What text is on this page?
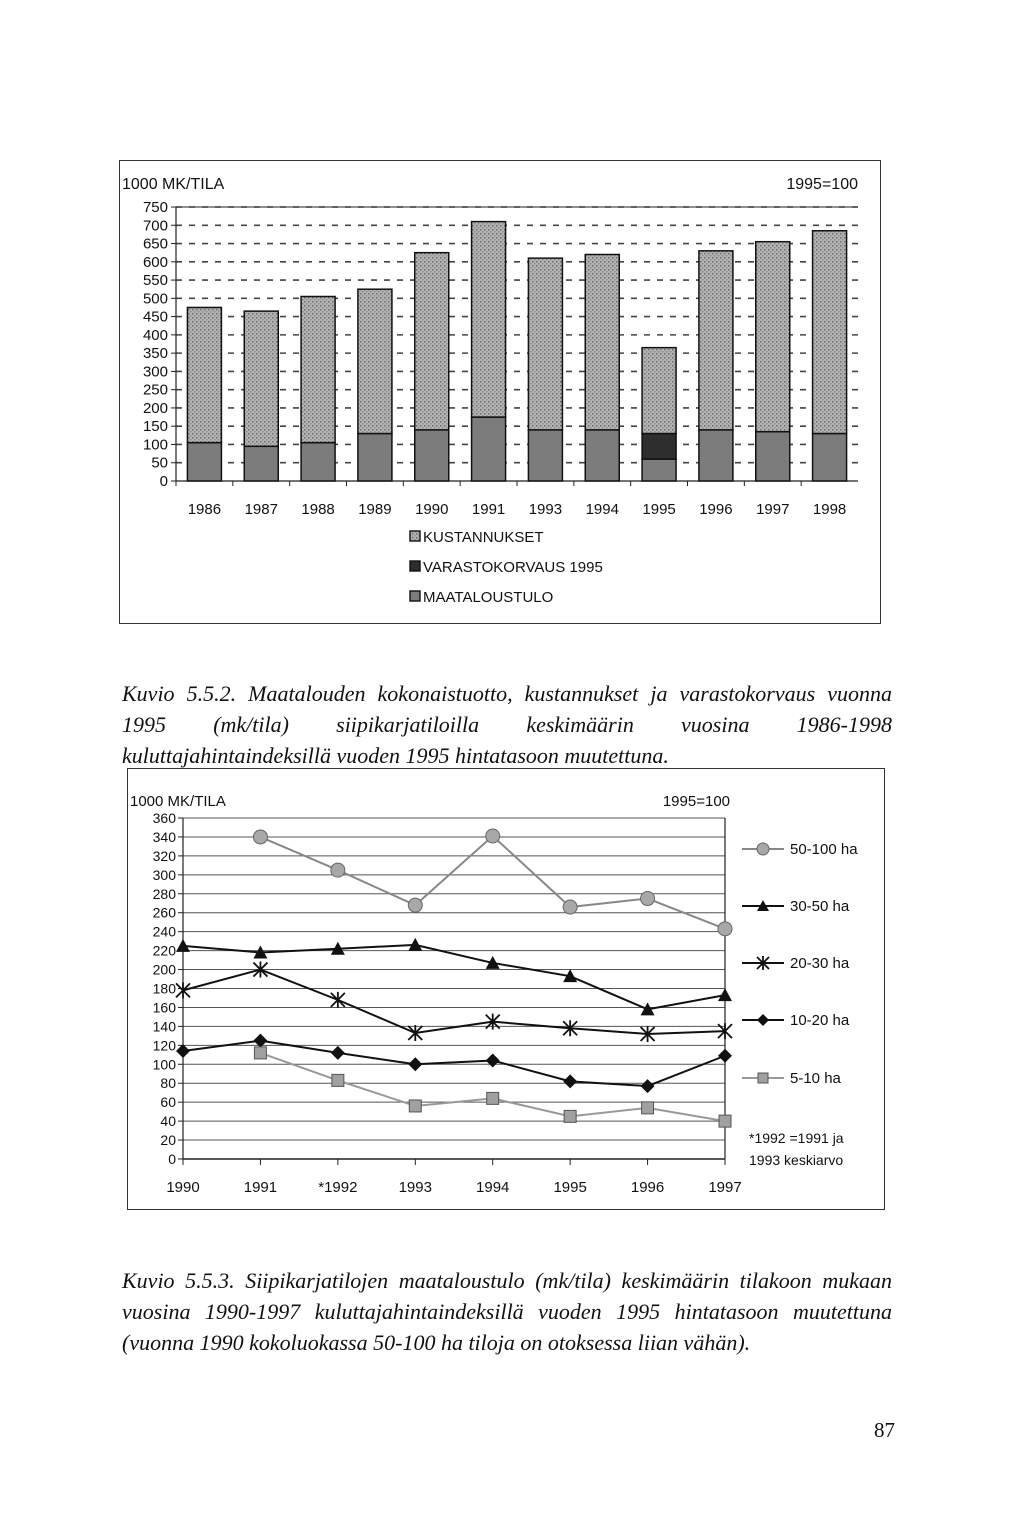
1000 MK/TILA	1995=100
750
700
650
600
550
500
450
400
350
300
250
200
150
100
50
0
1986 1987 1988 1989 1990 1991 1993 1994 1995 1996 1997 1998
KUSTANNUKSET
VARASTOKORVAUS 1995
MAATALOUSTULO

Kuvio 5.5.2. Maatalouden kokonaistuotto, kustannukset ja varastokorvaus vuonna 1995 (mk/tila) siipikarjatiloilla keskimäärin vuosina 1986-1998 kuluttajahintaindeksillä vuoden 1995 hintatasoon muutettuna.

1000 MK/TILA	1995=100
360
340
320
300
280
260
240
220
200
180
160
140
120
100
80
60
40
20
0
1990	1991	*1992	1993	1994	1995	1996	1997
50-100 ha
30-50 ha
20-30 ha
10-20 ha
5-10 ha
*1992 =1991 ja
1993 keskiarvo

Kuvio 5.5.3. Siipikarjatilojen maataloustulo (mk/tila) keskimäärin tilakoon mukaan vuosina 1990-1997 kuluttajahintaindeksillä vuoden 1995 hintatasoon muutettuna (vuonna 1990 kokoluokassa 50-100 ha tiloja on otoksessa liian vähän).

87
